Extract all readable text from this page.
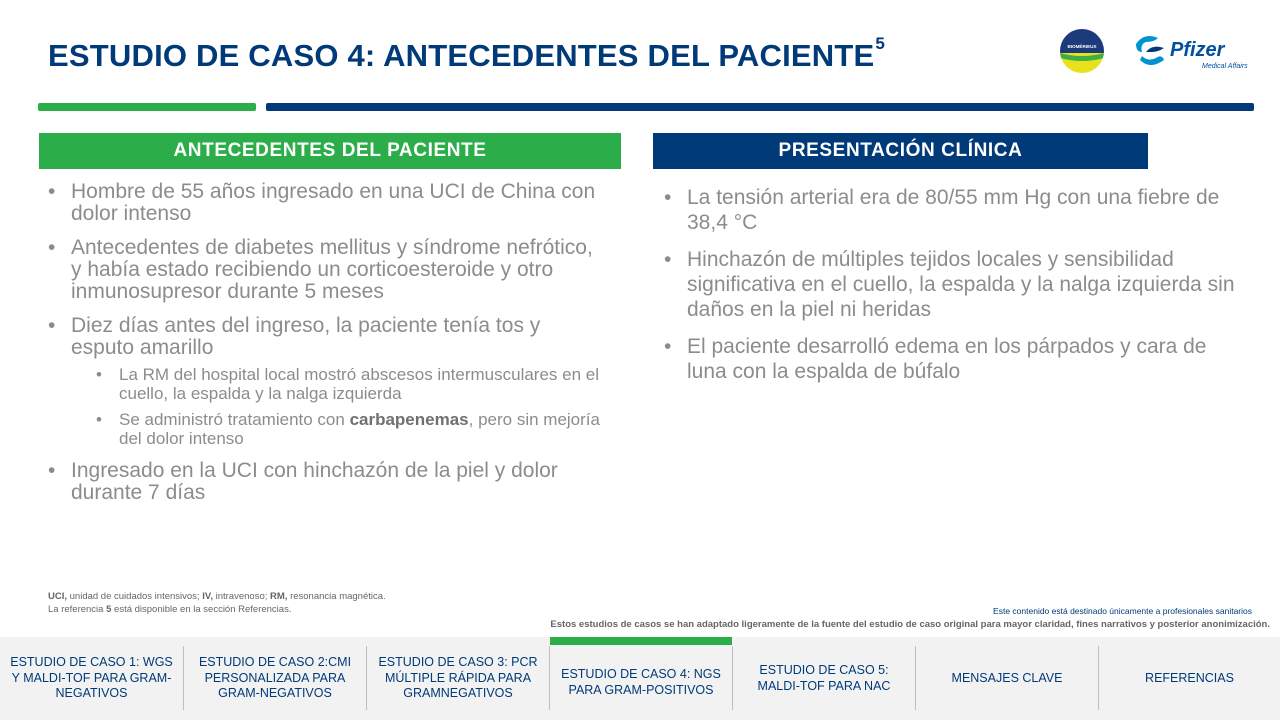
ESTUDIO DE CASO 4: ANTECEDENTES DEL PACIENTE$^5$	BIOMÉRIEUX	Pfizer
Medical Affairs
ANTECEDENTES DEL PACIENTE	PRESENTACIÓN CLÍNICA
• Hombre de 55 años ingresado en una UCI de China con dolor intenso
• Antecedentes de diabetes mellitus y síndrome nefrótico, y había estado recibiendo un corticoesteroide y otro inmunosupresor durante 5 meses
• Diez días antes del ingreso, la paciente tenía tos y esputo amarillo
• La RM del hospital local mostró abscesos intermusculares en el cuello, la espalda y la nalga izquierda
• Se administró tratamiento con carbapenemas, pero sin mejoría del dolor intenso
• Ingresado en la UCI con hinchazón de la piel y dolor durante 7 días
• La tensión arterial era de 80/55 mm Hg con una fiebre de 38,4 °C
• Hinchazón de múltiples tejidos locales y sensibilidad significativa en el cuello, la espalda y la nalga izquierda sin daños en la piel ni heridas
• El paciente desarrolló edema en los párpados y cara de luna con la espalda de búfalo
UCI, unidad de cuidados intensivos; IV, intravenoso; RM, resonancia magnética.
La referencia 5 está disponible en la sección Referencias.	Este contenido está destinado únicamente a profesionales sanitarios
Estos estudios de casos se han adaptado ligeramente de la fuente del estudio de caso original para mayor claridad, fines narrativos y posterior anonimización.
ESTUDIO DE CASO 1: WGS Y MALDI-TOF PARA GRAM-NEGATIVOS
ESTUDIO DE CASO 2:CMI PERSONALIZADA PARA GRAM-NEGATIVOS
ESTUDIO DE CASO 3: PCR MÚLTIPLE RÁPIDA PARA GRAMNEGATIVOS
ESTUDIO DE CASO 4: NGS PARA GRAM-POSITIVOS
ESTUDIO DE CASO 5: MALDI-TOF PARA NAC
MENSAJES CLAVE	REFERENCIAS
